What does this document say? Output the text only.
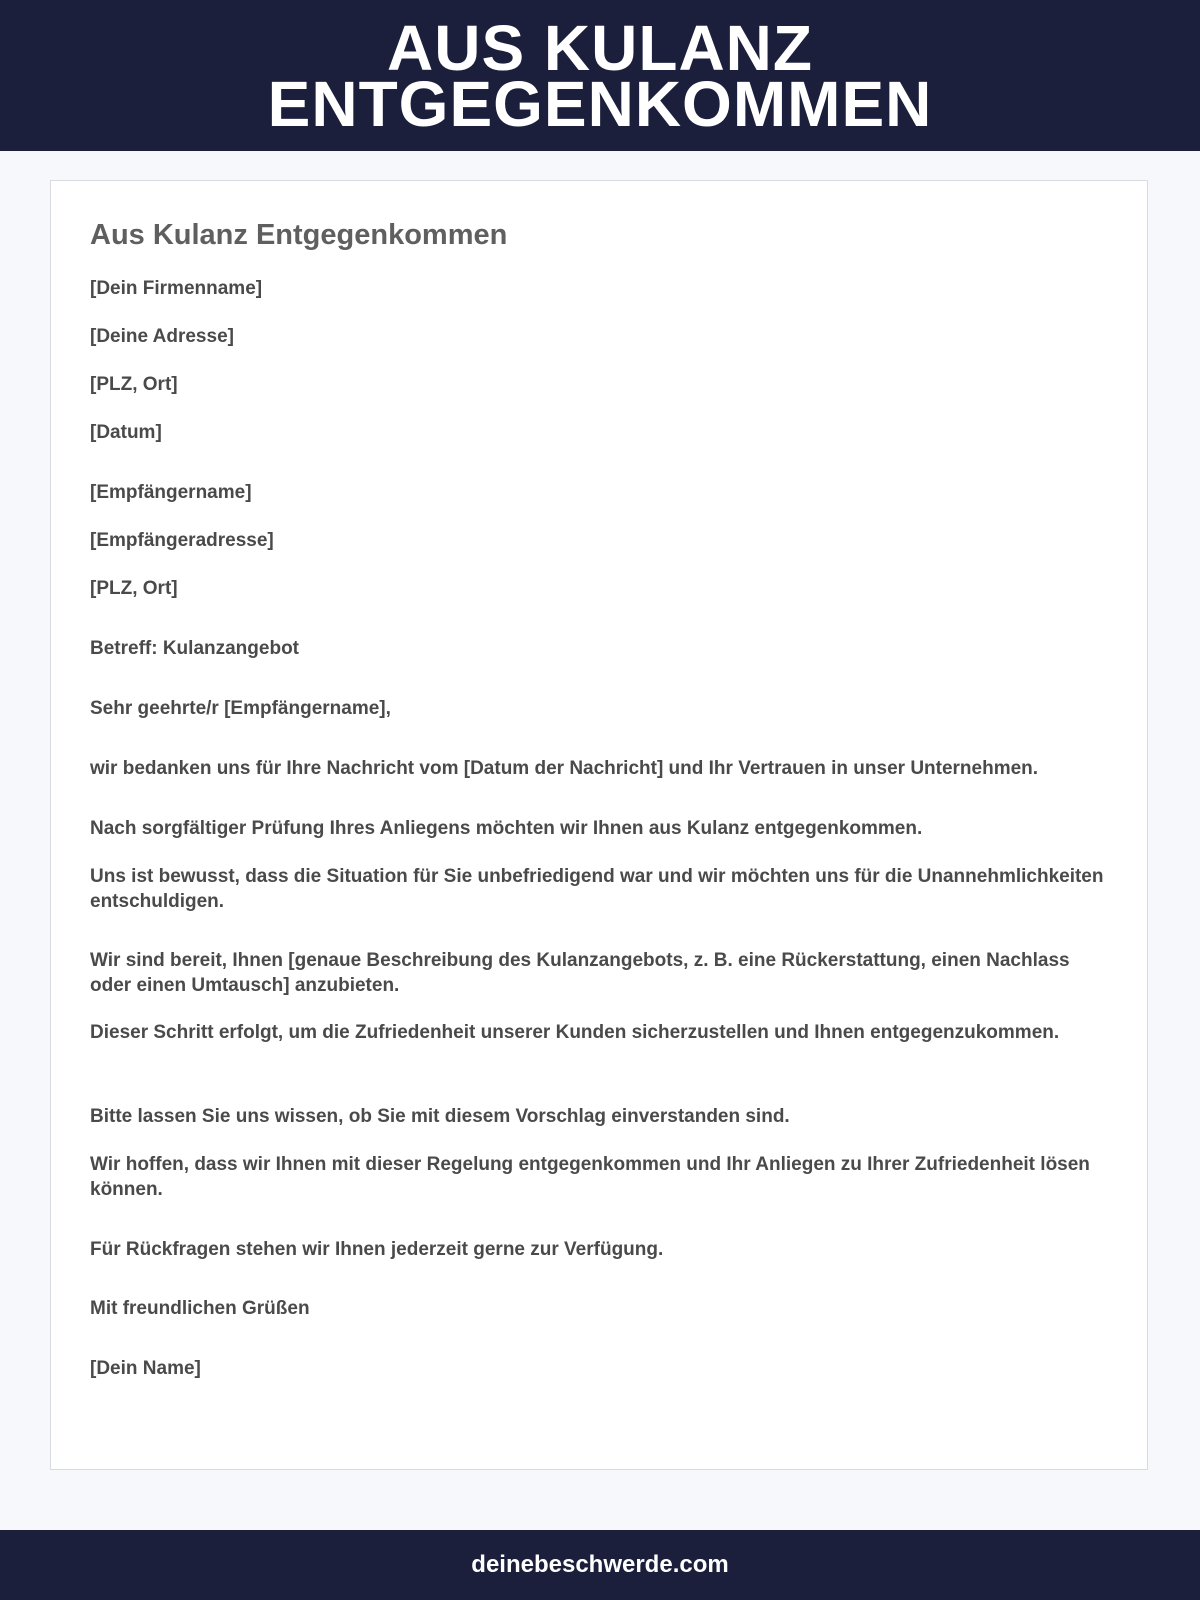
AUS KULANZ
ENTGEGENKOMMEN
Aus Kulanz Entgegenkommen

[Dein Firmenname]

[Deine Adresse]

[PLZ, Ort]

[Datum]

[Empfängername]

[Empfängeradresse]

[PLZ, Ort]

Betreff: Kulanzangebot

Sehr geehrte/r [Empfängername],

wir bedanken uns für Ihre Nachricht vom [Datum der Nachricht] und Ihr Vertrauen in unser Unternehmen.

Nach sorgfältiger Prüfung Ihres Anliegens möchten wir Ihnen aus Kulanz entgegenkommen.

Uns ist bewusst, dass die Situation für Sie unbefriedigend war und wir möchten uns für die Unannehmlichkeiten entschuldigen.

Wir sind bereit, Ihnen [genaue Beschreibung des Kulanzangebots, z. B. eine Rückerstattung, einen Nachlass oder einen Umtausch] anzubieten.

Dieser Schritt erfolgt, um die Zufriedenheit unserer Kunden sicherzustellen und Ihnen entgegenzukommen.

Bitte lassen Sie uns wissen, ob Sie mit diesem Vorschlag einverstanden sind.

Wir hoffen, dass wir Ihnen mit dieser Regelung entgegenkommen und Ihr Anliegen zu Ihrer Zufriedenheit lösen können.

Für Rückfragen stehen wir Ihnen jederzeit gerne zur Verfügung.

Mit freundlichen Grüßen

[Dein Name]

deinebeschwerde.com
